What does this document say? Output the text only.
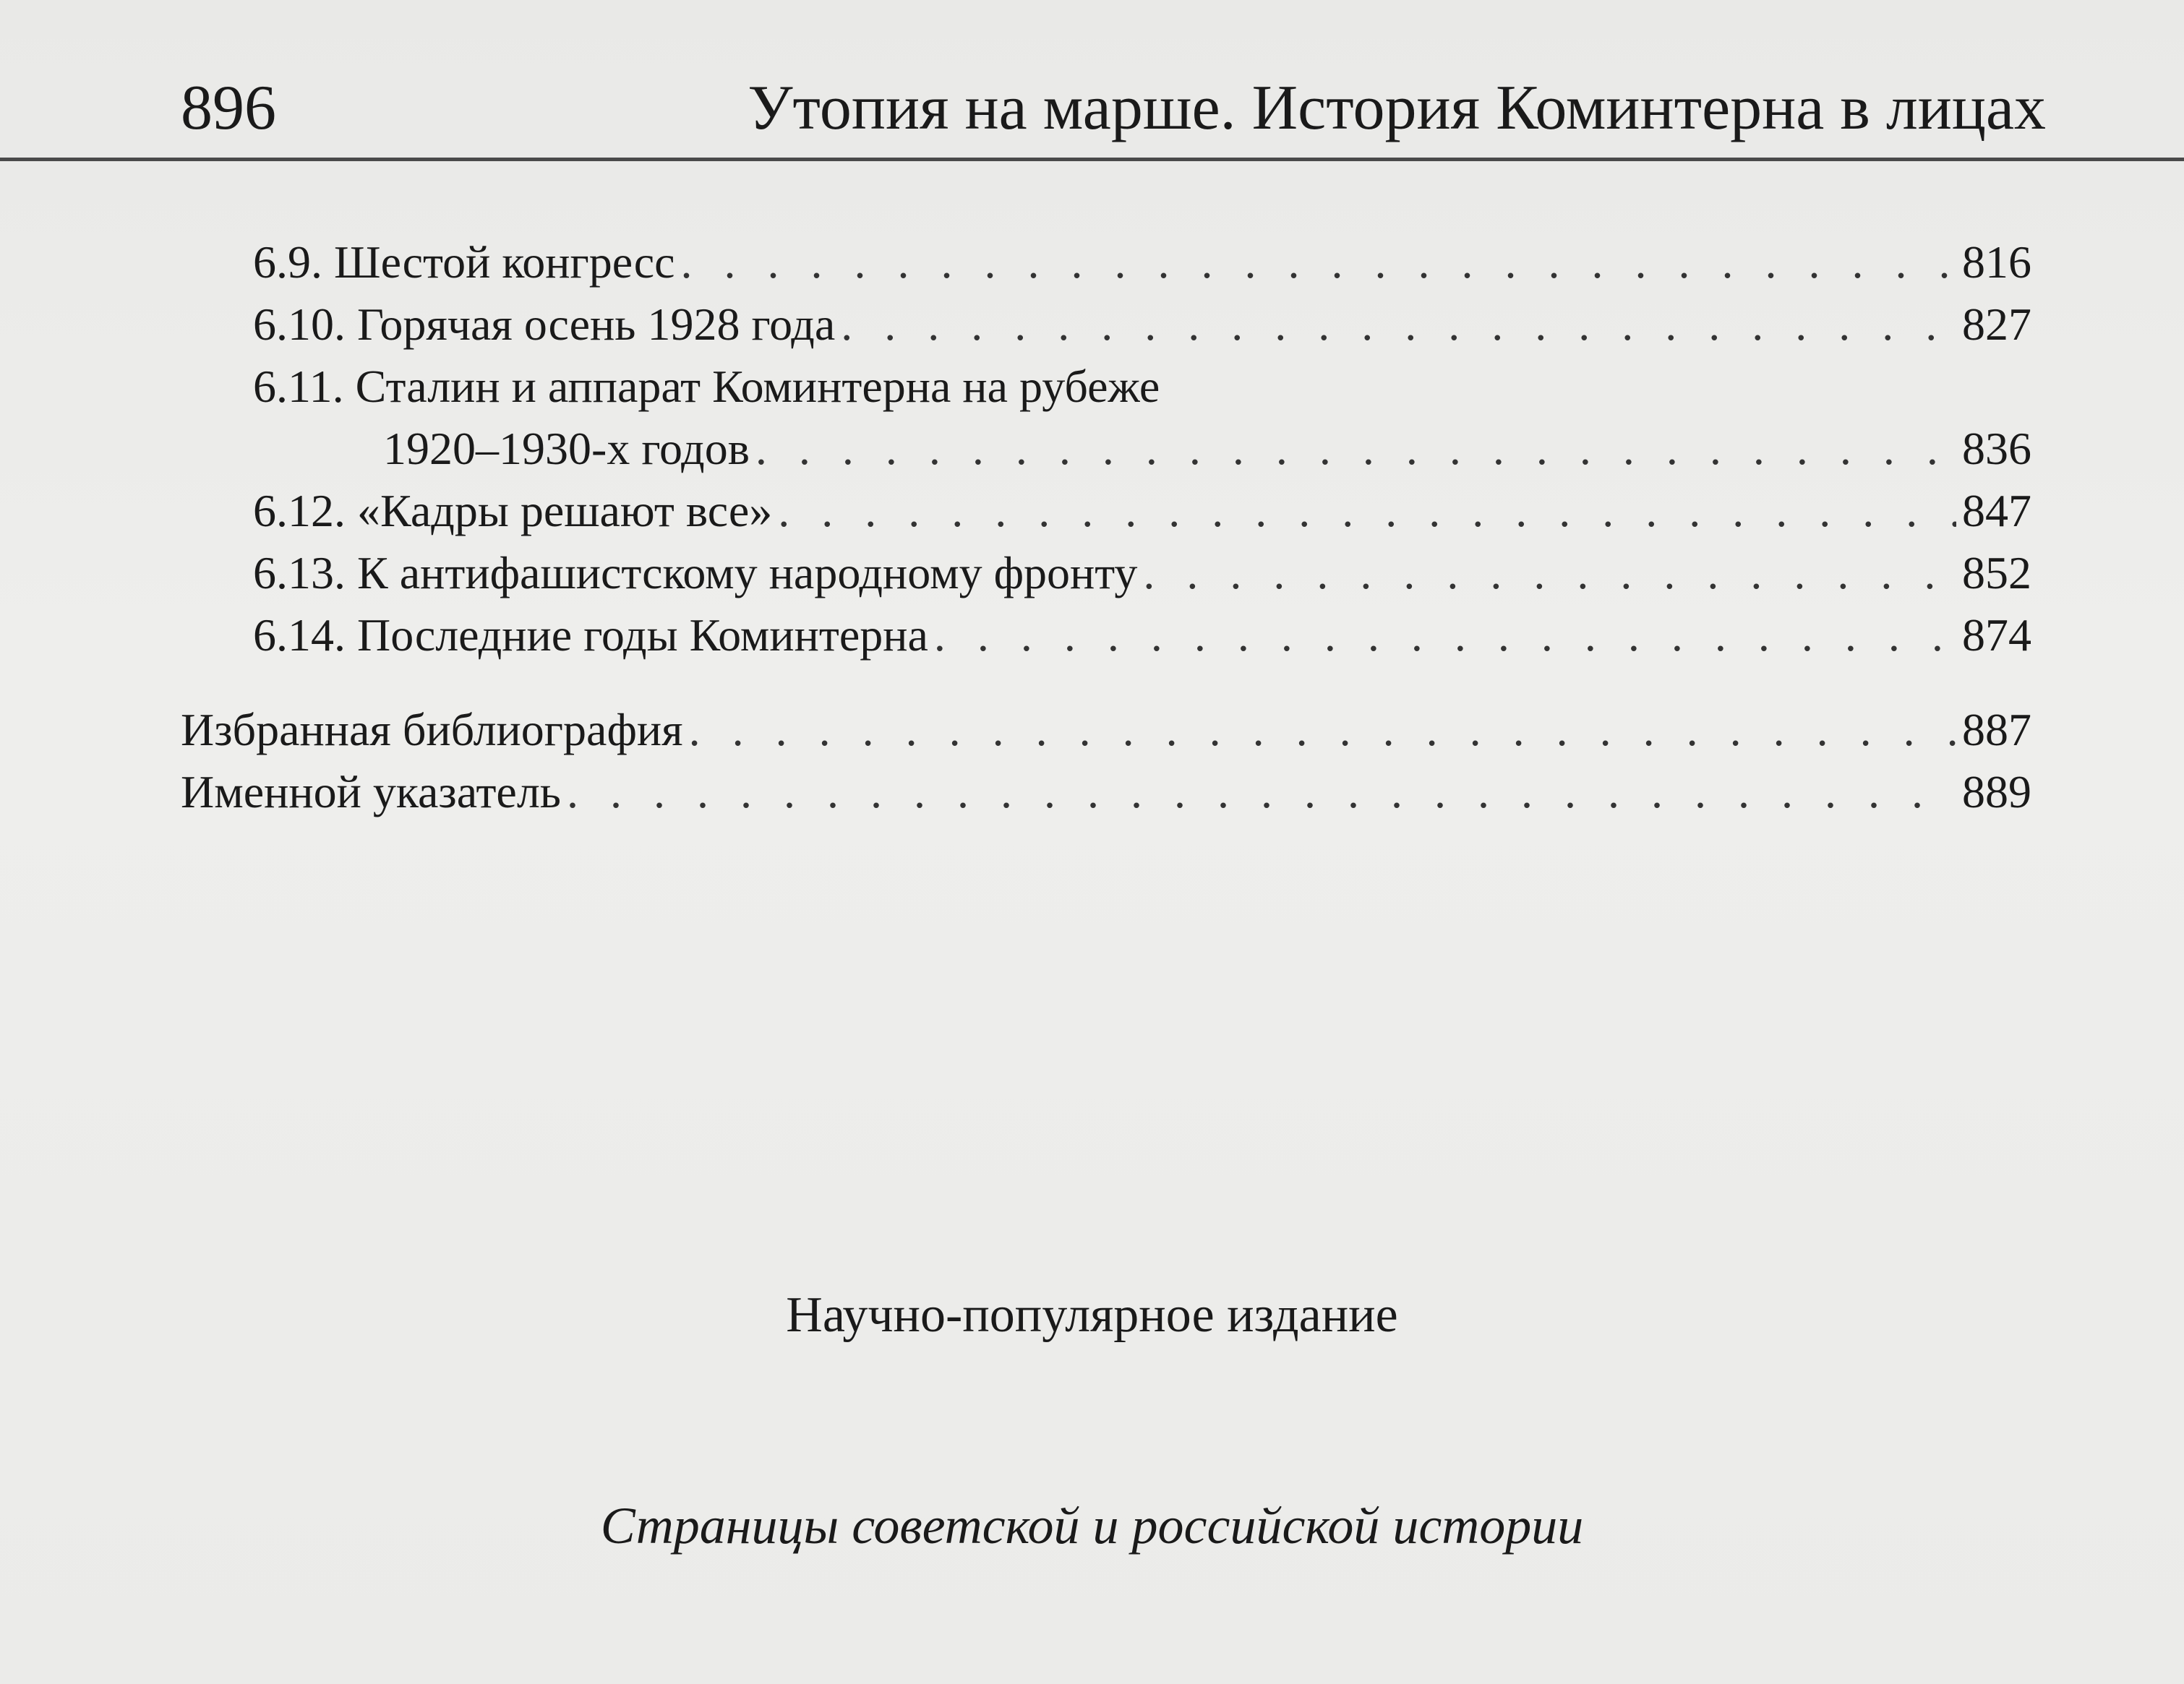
896	Утопия на марше. История Коминтерна в лицах
6.9. Шестой конгресс . . .	816
6.10. Горячая осень 1928 года . . .	827
6.11. Сталин и аппарат Коминтерна на рубеже
1920–1930-х годов . . .	836
6.12. «Кадры решают все» . . .	847
6.13. К антифашистскому народному фронту . . .	852
6.14. Последние годы Коминтерна . . .	874
Избранная библиография . . .	887
Именной указатель . . .	889
Научно-популярное издание
Страницы советской и российской истории
